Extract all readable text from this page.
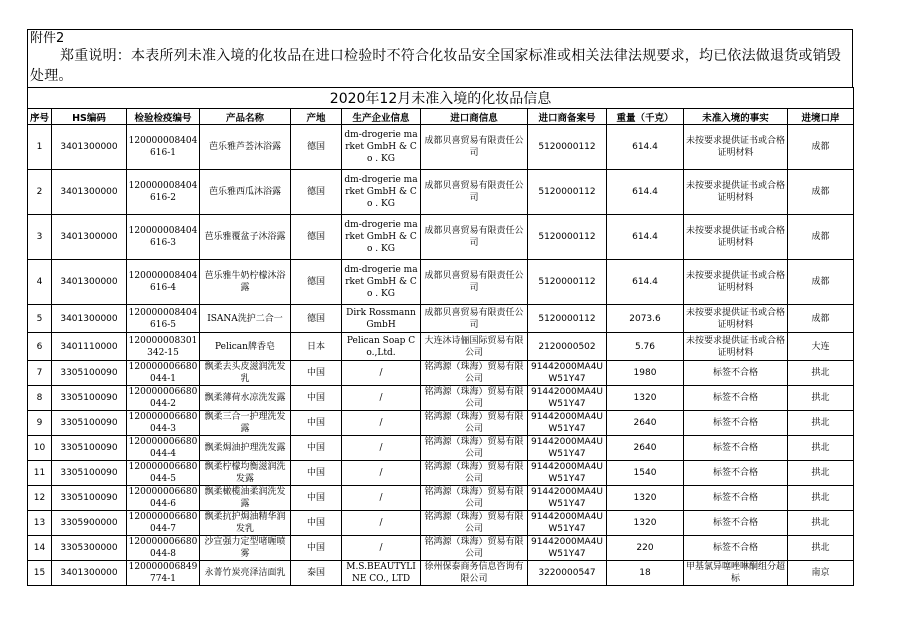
附件2
郑重说明：本表所列未准入境的化妆品在进口检验时不符合化妆品安全国家标准或相关法律法规要求，均已依法做退货或销毁处理。
2020年12月未准入境的化妆品信息										
序号	HS编码	检验检疫编号	产品名称	产地	生产企业信息	进口商信息	进口商备案号	重量（千克）	未准入境的事实	进境口岸
1	3401300000	120000008404616-1	芭乐雅芦荟沐浴露	德国	dm-drogerie market GmbH & Co . KG	成都贝喜贸易有限责任公司	5120000112	614.4	未按要求提供证书或合格证明材料	成都
2	3401300000	120000008404616-2	芭乐雅西瓜沐浴露	德国	dm-drogerie market GmbH & Co . KG	成都贝喜贸易有限责任公司	5120000112	614.4	未按要求提供证书或合格证明材料	成都
3	3401300000	120000008404616-3	芭乐雅覆盆子沐浴露	德国	dm-drogerie market GmbH & Co . KG	成都贝喜贸易有限责任公司	5120000112	614.4	未按要求提供证书或合格证明材料	成都
4	3401300000	120000008404616-4	芭乐雅牛奶柠檬沐浴露	德国	dm-drogerie market GmbH & Co . KG	成都贝喜贸易有限责任公司	5120000112	614.4	未按要求提供证书或合格证明材料	成都
5	3401300000	120000008404616-5	ISANA洗护二合一	德国	Dirk Rossmann GmbH	成都贝喜贸易有限责任公司	5120000112	2073.6	未按要求提供证书或合格证明材料	成都
6	3401110000	120000008301342-15	Pelican牌香皂	日本	Pelican Soap Co.,Ltd.	大连沐诗俪国际贸易有限公司	2120000502	5.76	未按要求提供证书或合格证明材料	大连
7	3305100090	120000006680044-1	飘柔去头皮滋润洗发乳	中国	/	铭鸿源（珠海）贸易有限公司	91442000MA4UW51Y47	1980	标签不合格	拱北
8	3305100090	120000006680044-2	飘柔薄荷水凉洗发露	中国	/	铭鸿源（珠海）贸易有限公司	91442000MA4UW51Y47	1320	标签不合格	拱北
9	3305100090	120000006680044-3	飘柔三合一护理洗发露	中国	/	铭鸿源（珠海）贸易有限公司	91442000MA4UW51Y47	2640	标签不合格	拱北
10	3305100090	120000006680044-4	飘柔焗油护理洗发露	中国	/	铭鸿源（珠海）贸易有限公司	91442000MA4UW51Y47	2640	标签不合格	拱北
11	3305100090	120000006680044-5	飘柔柠檬均衡滋润洗发露	中国	/	铭鸿源（珠海）贸易有限公司	91442000MA4UW51Y47	1540	标签不合格	拱北
12	3305100090	120000006680044-6	飘柔橄榄油柔润洗发露	中国	/	铭鸿源（珠海）贸易有限公司	91442000MA4UW51Y47	1320	标签不合格	拱北
13	3305900000	120000006680044-7	飘柔抗护焗油精华润发乳	中国	/	铭鸿源（珠海）贸易有限公司	91442000MA4UW51Y47	1320	标签不合格	拱北
14	3305300000	120000006680044-8	沙宣强力定型啫喱喷雾	中国	/	铭鸿源（珠海）贸易有限公司	91442000MA4UW51Y47	220	标签不合格	拱北
15	3401300000	120000006849774-1	永菁竹炭亮泽洁面乳	泰国	M.S.BEAUTYLINE CO., LTD	徐州保泰商务信息咨询有限公司	3220000547	18	甲基氯异噻唑啉酮组分超标	南京
